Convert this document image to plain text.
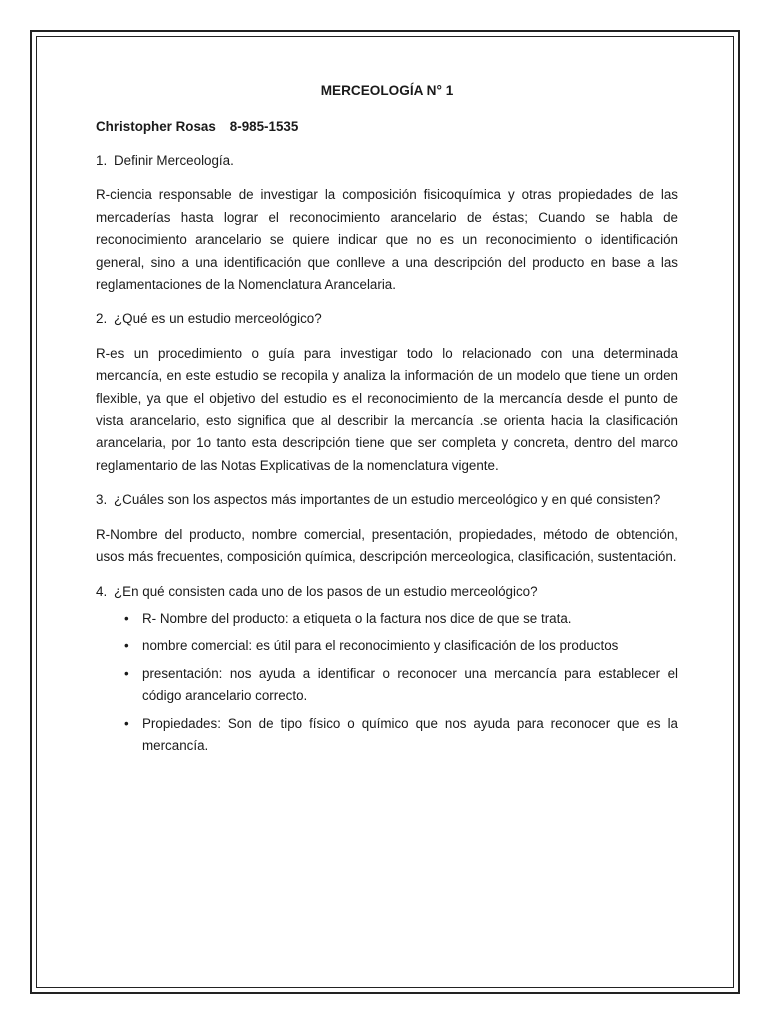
MERCEOLOGÍA N° 1
Christopher Rosas 8-985-1535
1. Definir Merceología.
R-ciencia responsable de investigar la composición fisicoquímica y otras propiedades de las mercaderías hasta lograr el reconocimiento arancelario de éstas; Cuando se habla de reconocimiento arancelario se quiere indicar que no es un reconocimiento o identificación general, sino a una identificación que conlleve a una descripción del producto en base a las reglamentaciones de la Nomenclatura Arancelaria.
2. ¿Qué es un estudio merceológico?
R-es un procedimiento o guía para investigar todo lo relacionado con una determinada mercancía, en este estudio se recopila y analiza la información de un modelo que tiene un orden flexible, ya que el objetivo del estudio es el reconocimiento de la mercancía desde el punto de vista arancelario, esto significa que al describir la mercancía .se orienta hacia la clasificación arancelaria, por 1o tanto esta descripción tiene que ser completa y concreta, dentro del marco reglamentario de las Notas Explicativas de la nomenclatura vigente.
3. ¿Cuáles son los aspectos más importantes de un estudio merceológico y en qué consisten?
R-Nombre del producto, nombre comercial, presentación, propiedades, método de obtención, usos más frecuentes, composición química, descripción merceologica, clasificación, sustentación.
4. ¿En qué consisten cada uno de los pasos de un estudio merceológico?
• R- Nombre del producto: a etiqueta o la factura nos dice de que se trata.
• nombre comercial: es útil para el reconocimiento y clasificación de los productos
• presentación: nos ayuda a identificar o reconocer una mercancía para establecer el código arancelario correcto.
• Propiedades: Son de tipo físico o químico que nos ayuda para reconocer que es la mercancía.
